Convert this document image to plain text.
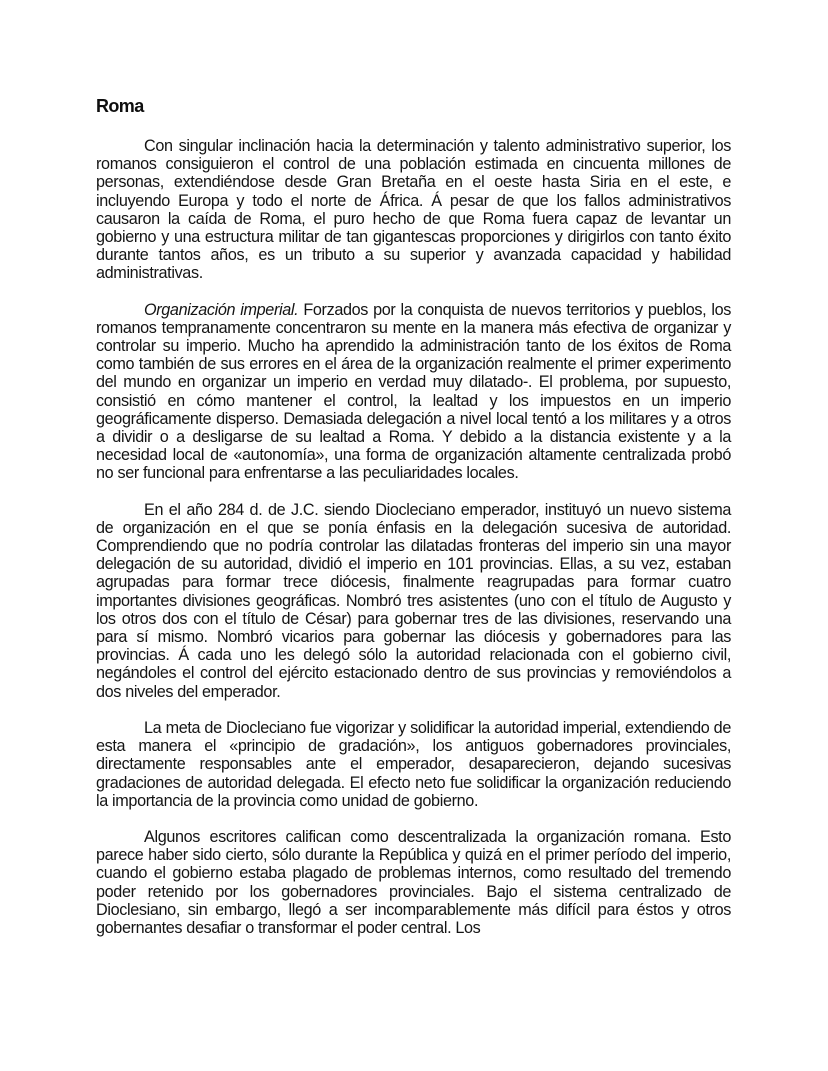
Roma

Con singular inclinación hacia la determinación y talento administrativo superior, los romanos consiguieron el control de una población estimada en cincuenta millones de personas, extendiéndose desde Gran Bretaña en el oeste hasta Siria en el este, e incluyendo Europa y todo el norte de África. Á pesar de que los fallos administrativos causaron la caída de Roma, el puro hecho de que Roma fuera capaz de levantar un gobierno y una estructura militar de tan gigantescas proporciones y dirigirlos con tanto éxito durante tantos años, es un tributo a su superior y avanzada capacidad y habilidad administrativas.

Organización imperial. Forzados por la conquista de nuevos territorios y pueblos, los romanos tempranamente concentraron su mente en la manera más efectiva de organizar y controlar su imperio. Mucho ha aprendido la administración tanto de los éxitos de Roma como también de sus errores en el área de la organización realmente el primer experimento del mundo en organizar un imperio en verdad muy dilatado-. El problema, por supuesto, consistió en cómo mantener el control, la lealtad y los impuestos en un imperio geográficamente disperso. Demasiada delegación a nivel local tentó a los militares y a otros a dividir o a desligarse de su lealtad a Roma. Y debido a la distancia existente y a la necesidad local de «autonomía», una forma de organización altamente centralizada probó no ser funcional para enfrentarse a las peculiaridades locales.

En el año 284 d. de J.C. siendo Diocleciano emperador, instituyó un nuevo sistema de organización en el que se ponía énfasis en la delegación sucesiva de autoridad. Comprendiendo que no podría controlar las dilatadas fronteras del imperio sin una mayor delegación de su autoridad, dividió el imperio en 101 provincias. Ellas, a su vez, estaban agrupadas para formar trece diócesis, finalmente reagrupadas para formar cuatro importantes divisiones geográficas. Nombró tres asistentes (uno con el título de Augusto y los otros dos con el título de César) para gobernar tres de las divisiones, reservando una para sí mismo. Nombró vicarios para gobernar las diócesis y gobernadores para las provincias. Á cada uno les delegó sólo la autoridad relacionada con el gobierno civil, negándoles el control del ejército estacionado dentro de sus provincias y removiéndolos a dos niveles del emperador.

La meta de Diocleciano fue vigorizar y solidificar la autoridad imperial, extendiendo de esta manera el «principio de gradación», los antiguos gobernadores provinciales, directamente responsables ante el emperador, desaparecieron, dejando sucesivas gradaciones de autoridad delegada. El efecto neto fue solidificar la organización reduciendo la importancia de la provincia como unidad de gobierno.

Algunos escritores califican como descentralizada la organización romana. Esto parece haber sido cierto, sólo durante la República y quizá en el primer período del imperio, cuando el gobierno estaba plagado de problemas internos, como resultado del tremendo poder retenido por los gobernadores provinciales. Bajo el sistema centralizado de Dioclesiano, sin embargo, llegó a ser incomparablemente más difícil para éstos y otros gobernantes desafiar o transformar el poder central. Los
